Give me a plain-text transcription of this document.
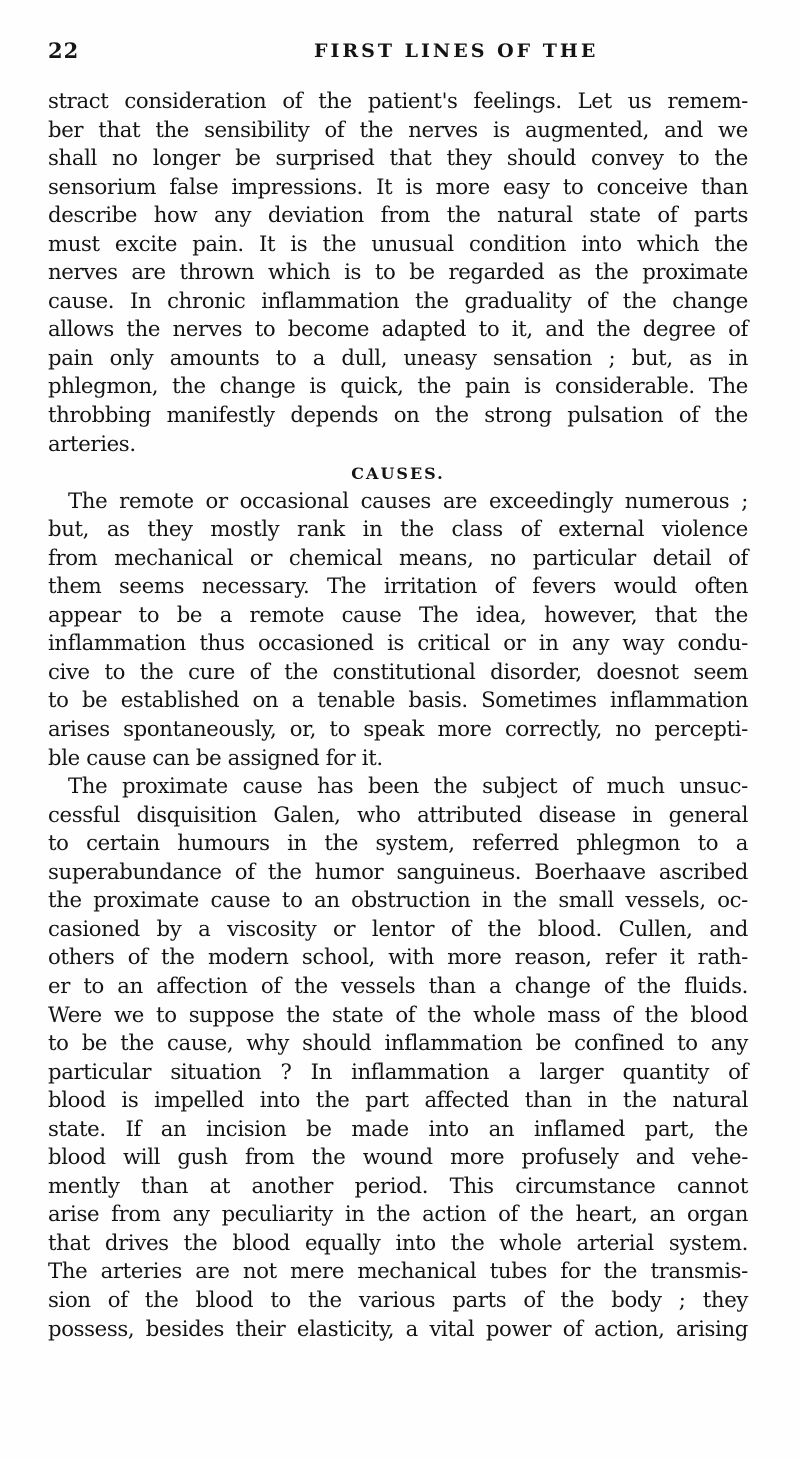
22	FIRST LINES OF THE
stract consideration of the patient's feelings. Let us remem-
ber that the sensibility of the nerves is augmented, and we
shall no longer be surprised that they should convey to the
sensorium false impressions. It is more easy to conceive than
describe how any deviation from the natural state of parts
must excite pain. It is the unusual condition into which the
nerves are thrown which is to be regarded as the proximate
cause. In chronic inflammation the graduality of the change
allows the nerves to become adapted to it, and the degree of
pain only amounts to a dull, uneasy sensation ; but, as in
phlegmon, the change is quick, the pain is considerable. The
throbbing manifestly depends on the strong pulsation of the
arteries.
CAUSES.
The remote or occasional causes are exceedingly numerous ;
but, as they mostly rank in the class of external violence
from mechanical or chemical means, no particular detail of
them seems necessary. The irritation of fevers would often
appear to be a remote cause The idea, however, that the
inflammation thus occasioned is critical or in any way condu-
cive to the cure of the constitutional disorder, doesnot seem
to be established on a tenable basis. Sometimes inflammation
arises spontaneously, or, to speak more correctly, no percepti-
ble cause can be assigned for it.
The proximate cause has been the subject of much unsuc-
cessful disquisition Galen, who attributed disease in general
to certain humours in the system, referred phlegmon to a
superabundance of the humor sanguineus. Boerhaave ascribed
the proximate cause to an obstruction in the small vessels, oc-
casioned by a viscosity or lentor of the blood. Cullen, and
others of the modern school, with more reason, refer it rath-
er to an affection of the vessels than a change of the fluids.
Were we to suppose the state of the whole mass of the blood
to be the cause, why should inflammation be confined to any
particular situation ? In inflammation a larger quantity of
blood is impelled into the part affected than in the natural
state. If an incision be made into an inflamed part, the
blood will gush from the wound more profusely and vehe-
mently than at another period. This circumstance cannot
arise from any peculiarity in the action of the heart, an organ
that drives the blood equally into the whole arterial system.
The arteries are not mere mechanical tubes for the transmis-
sion of the blood to the various parts of the body ; they
possess, besides their elasticity, a vital power of action, arising
